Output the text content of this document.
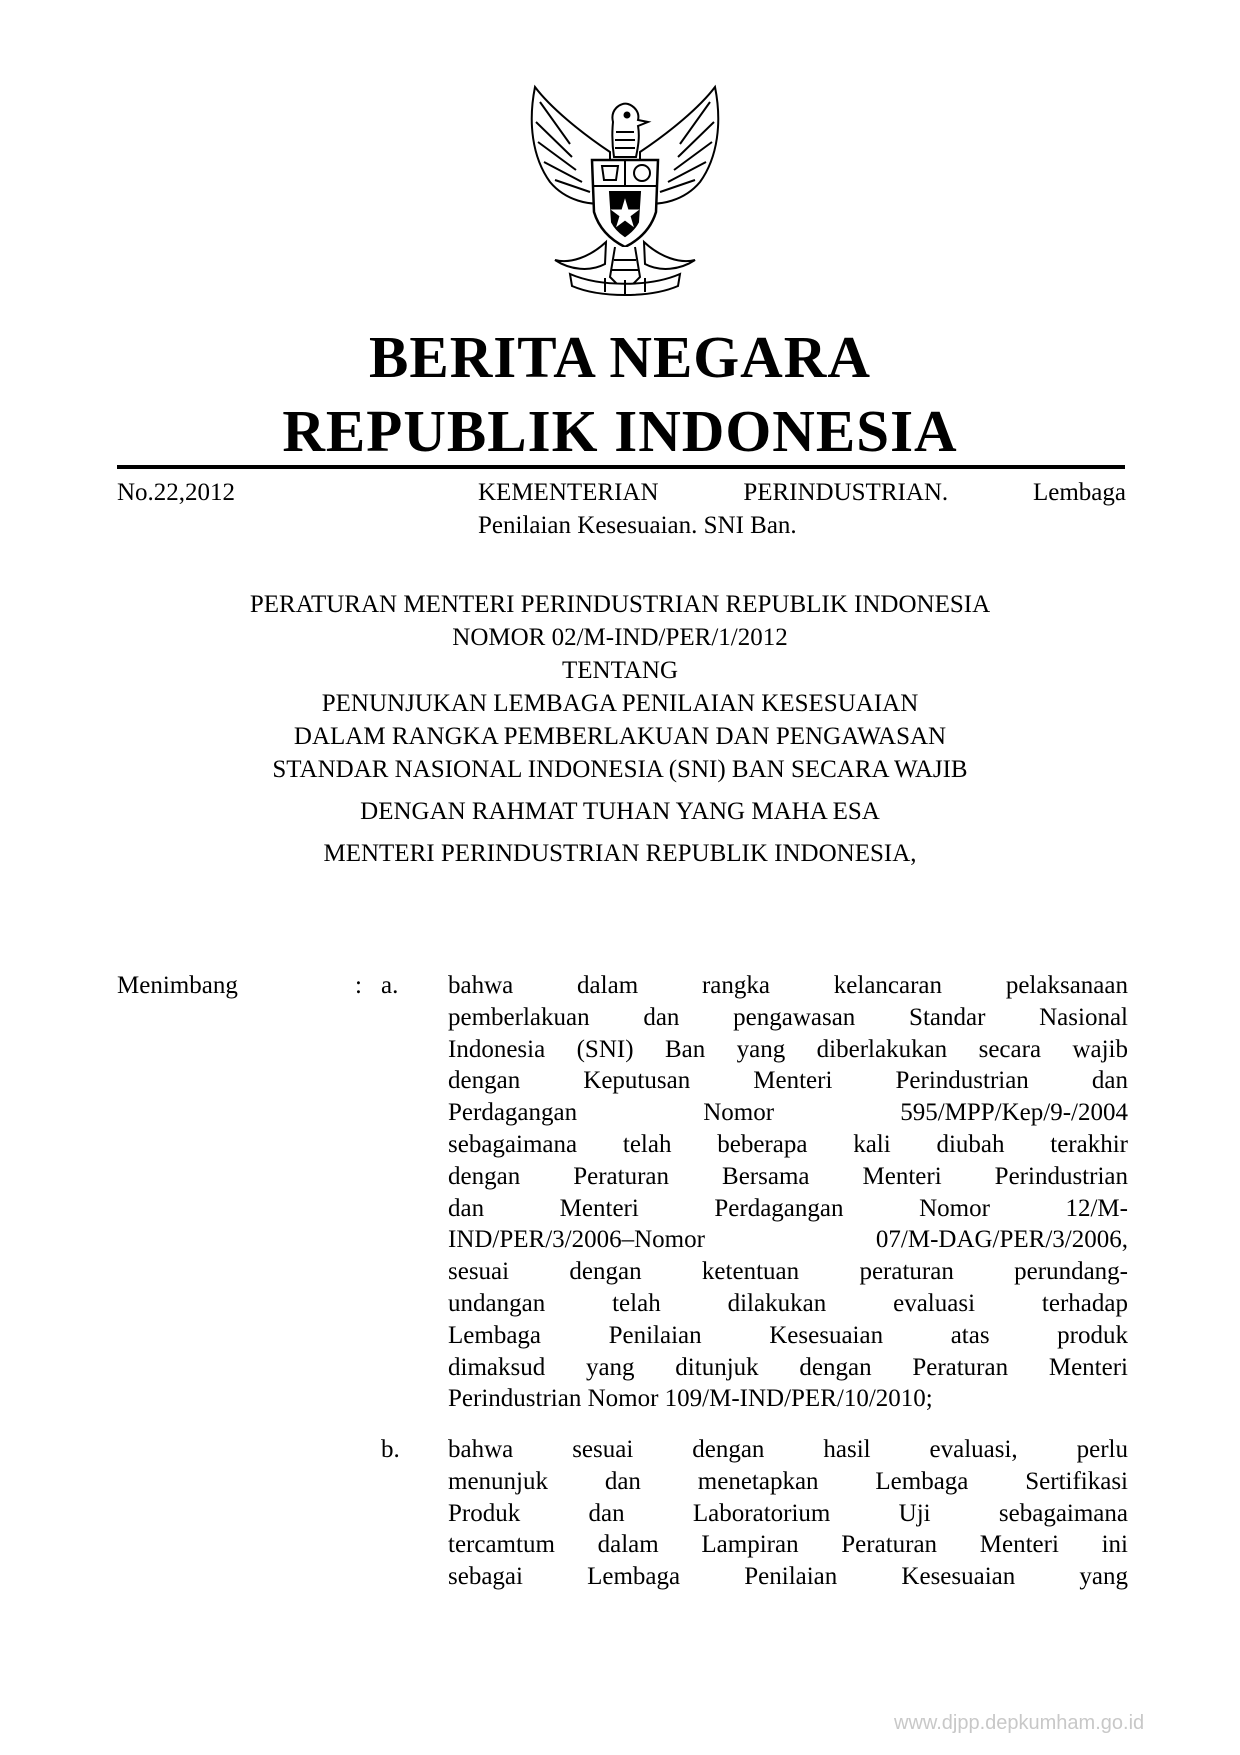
BERITA NEGARA
REPUBLIK INDONESIA
No.22,2012	KEMENTERIAN	PERINDUSTRIAN.	Lembaga
Penilaian Kesesuaian. SNI Ban.
PERATURAN MENTERI PERINDUSTRIAN REPUBLIK INDONESIA
NOMOR 02/M-IND/PER/1/2012
TENTANG
PENUNJUKAN LEMBAGA PENILAIAN KESESUAIAN
DALAM RANGKA PEMBERLAKUAN DAN PENGAWASAN
STANDAR NASIONAL INDONESIA (SNI) BAN SECARA WAJIB
DENGAN RAHMAT TUHAN YANG MAHA ESA
MENTERI PERINDUSTRIAN REPUBLIK INDONESIA,
Menimbang	: a. bahwa dalam rangka kelancaran pelaksanaan
pemberlakuan dan pengawasan Standar Nasional
Indonesia (SNI) Ban yang diberlakukan secara wajib
dengan Keputusan Menteri Perindustrian dan
Perdagangan Nomor 595/MPP/Kep/9-/2004
sebagaimana telah beberapa kali diubah terakhir
dengan Peraturan Bersama Menteri Perindustrian
dan Menteri Perdagangan Nomor 12/M-
IND/PER/3/2006–Nomor 07/M-DAG/PER/3/2006,
sesuai dengan ketentuan peraturan perundang-
undangan telah dilakukan evaluasi terhadap
Lembaga Penilaian Kesesuaian atas produk
dimaksud yang ditunjuk dengan Peraturan Menteri
Perindustrian Nomor 109/M-IND/PER/10/2010;
b. bahwa sesuai dengan hasil evaluasi, perlu
menunjuk dan menetapkan Lembaga Sertifikasi
Produk dan Laboratorium Uji sebagaimana
tercamtum dalam Lampiran Peraturan Menteri ini
sebagai Lembaga Penilaian Kesesuaian yang
www.djpp.depkumham.go.id
